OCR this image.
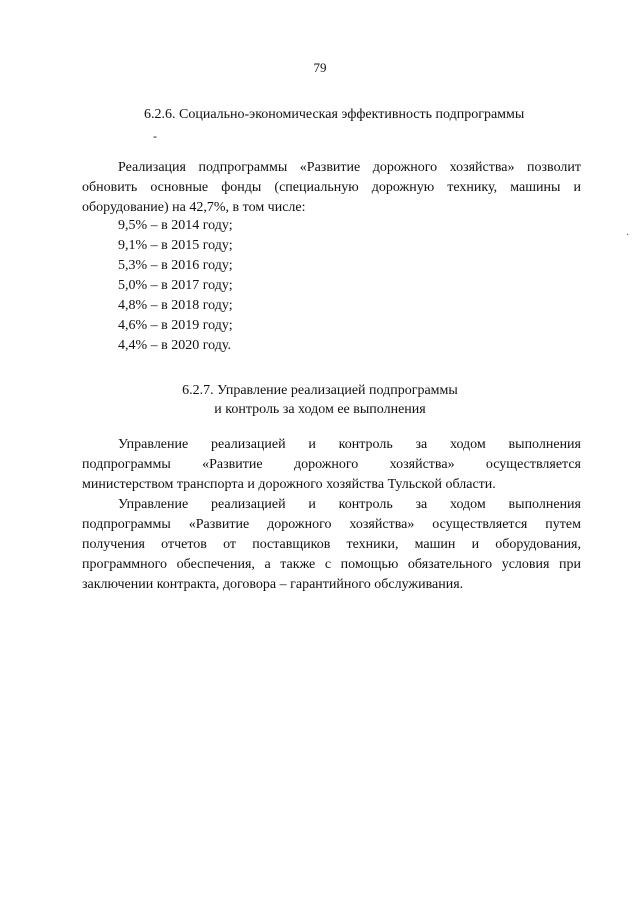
79
6.2.6. Социально-экономическая эффективность подпрограммы
-
·
Реализация подпрограммы «Развитие дорожного хозяйства» позволит
обновить основные фонды (специальную дорожную технику, машины и
оборудование) на 42,7%, в том числе:
9,5% – в 2014 году;
9,1% – в 2015 году;
5,3% – в 2016 году;
5,0% – в 2017 году;
4,8% – в 2018 году;
4,6% – в 2019 году;
4,4% – в 2020 году.
6.2.7. Управление реализацией подпрограммы
и контроль за ходом ее выполнения
Управление реализацией и контроль за ходом выполнения
подпрограммы «Развитие дорожного хозяйства» осуществляется
министерством транспорта и дорожного хозяйства Тульской области.
Управление реализацией и контроль за ходом выполнения
подпрограммы «Развитие дорожного хозяйства» осуществляется путем
получения отчетов от поставщиков техники, машин и оборудования,
программного обеспечения, а также с помощью обязательного условия при
заключении контракта, договора – гарантийного обслуживания.
